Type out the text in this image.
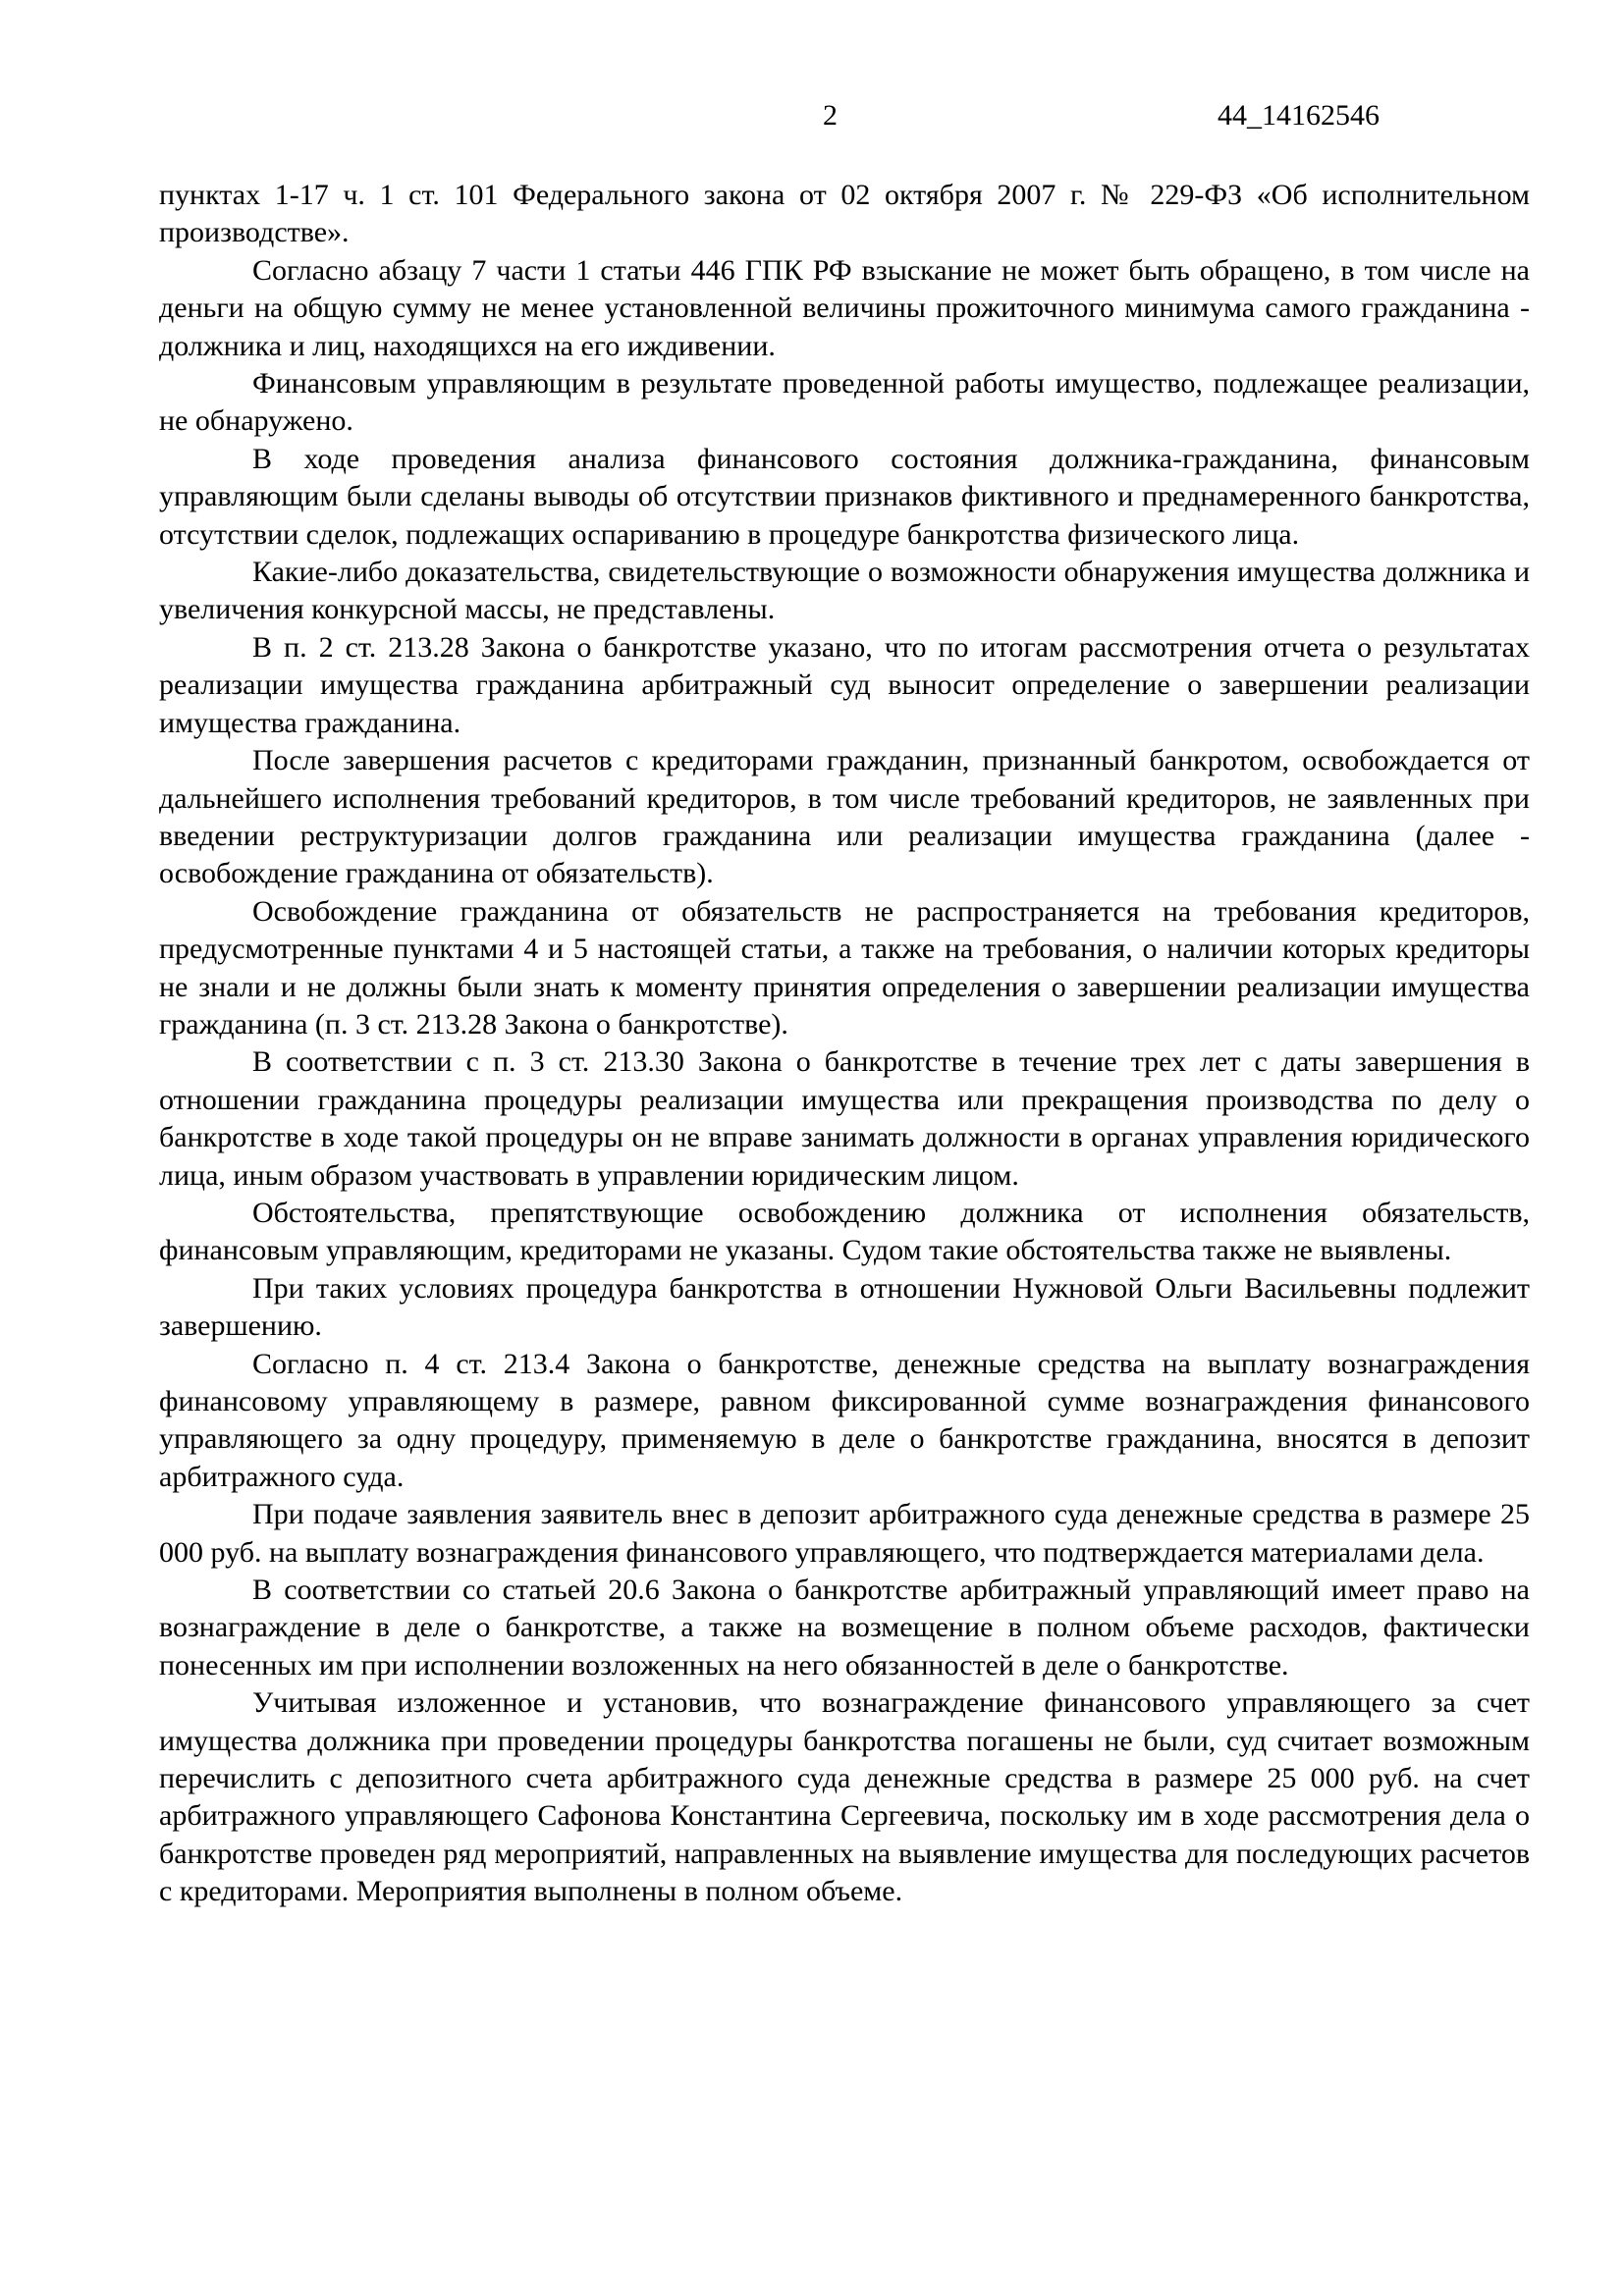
2	44_14162546

пунктах 1-17 ч. 1 ст. 101 Федерального закона от 02 октября 2007 г. № 229-ФЗ «Об исполнительном производстве».

Согласно абзацу 7 части 1 статьи 446 ГПК РФ взыскание не может быть обращено, в том числе на деньги на общую сумму не менее установленной величины прожиточного минимума самого гражданина - должника и лиц, находящихся на его иждивении.

Финансовым управляющим в результате проведенной работы имущество, подлежащее реализации, не обнаружено.

В ходе проведения анализа финансового состояния должника-гражданина, финансовым управляющим были сделаны выводы об отсутствии признаков фиктивного и преднамеренного банкротства, отсутствии сделок, подлежащих оспариванию в процедуре банкротства физического лица.

Какие-либо доказательства, свидетельствующие о возможности обнаружения имущества должника и увеличения конкурсной массы, не представлены.

В п. 2 ст. 213.28 Закона о банкротстве указано, что по итогам рассмотрения отчета о результатах реализации имущества гражданина арбитражный суд выносит определение о завершении реализации имущества гражданина.

После завершения расчетов с кредиторами гражданин, признанный банкротом, освобождается от дальнейшего исполнения требований кредиторов, в том числе требований кредиторов, не заявленных при введении реструктуризации долгов гражданина или реализации имущества гражданина (далее - освобождение гражданина от обязательств).

Освобождение гражданина от обязательств не распространяется на требования кредиторов, предусмотренные пунктами 4 и 5 настоящей статьи, а также на требования, о наличии которых кредиторы не знали и не должны были знать к моменту принятия определения о завершении реализации имущества гражданина (п. 3 ст. 213.28 Закона о банкротстве).

В соответствии с п. 3 ст. 213.30 Закона о банкротстве в течение трех лет с даты завершения в отношении гражданина процедуры реализации имущества или прекращения производства по делу о банкротстве в ходе такой процедуры он не вправе занимать должности в органах управления юридического лица, иным образом участвовать в управлении юридическим лицом.

Обстоятельства, препятствующие освобождению должника от исполнения обязательств, финансовым управляющим, кредиторами не указаны. Судом такие обстоятельства также не выявлены.

При таких условиях процедура банкротства в отношении Нужновой Ольги Васильевны подлежит завершению.

Согласно п. 4 ст. 213.4 Закона о банкротстве, денежные средства на выплату вознаграждения финансовому управляющему в размере, равном фиксированной сумме вознаграждения финансового управляющего за одну процедуру, применяемую в деле о банкротстве гражданина, вносятся в депозит арбитражного суда.

При подаче заявления заявитель внес в депозит арбитражного суда денежные средства в размере 25 000 руб. на выплату вознаграждения финансового управляющего, что подтверждается материалами дела.

В соответствии со статьей 20.6 Закона о банкротстве арбитражный управляющий имеет право на вознаграждение в деле о банкротстве, а также на возмещение в полном объеме расходов, фактически понесенных им при исполнении возложенных на него обязанностей в деле о банкротстве.

Учитывая изложенное и установив, что вознаграждение финансового управляющего за счет имущества должника при проведении процедуры банкротства погашены не были, суд считает возможным перечислить с депозитного счета арбитражного суда денежные средства в размере 25 000 руб. на счет арбитражного управляющего Сафонова Константина Сергеевича, поскольку им в ходе рассмотрения дела о банкротстве проведен ряд мероприятий, направленных на выявление имущества для последующих расчетов с кредиторами. Мероприятия выполнены в полном объеме.
